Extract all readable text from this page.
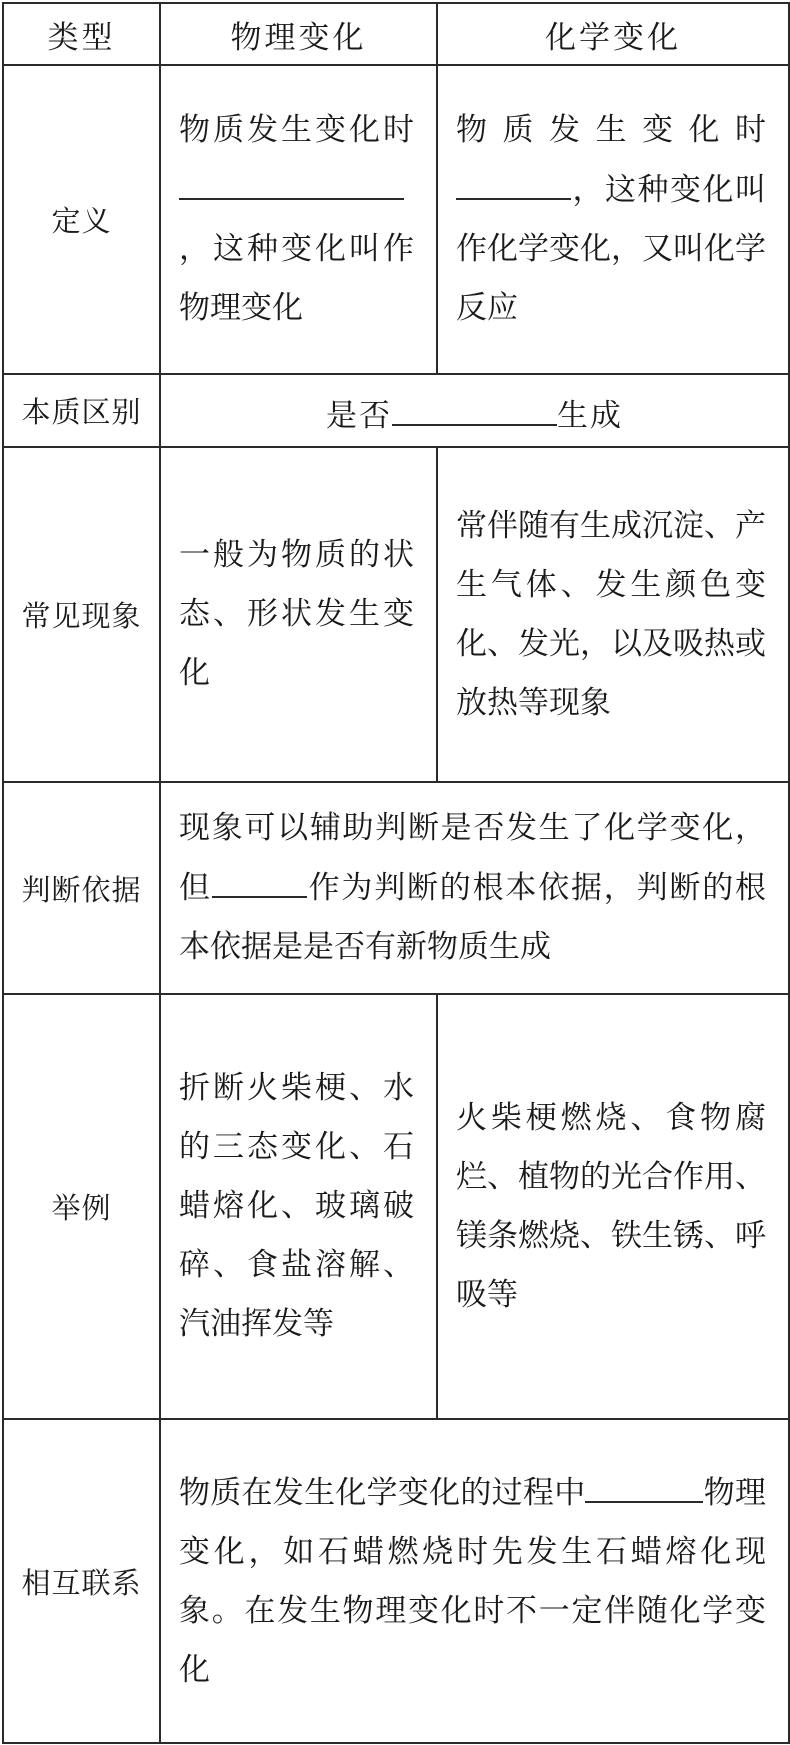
类型	物理变化	化学变化
定义	物质发生变化时，这种变化叫作物理变化	物质发生变化时，这种变化叫作化学变化，又叫化学反应
本质区别	是否 生成	
常见现象	一般为物质的状态、形状发生变化	常伴随有生成沉淀、产生气体、发生颜色变化、发光，以及吸热或放热等现象
判断依据	现象可以辅助判断是否发生了化学变化，但 作为判断的根本依据，判断的根本依据是是否有新物质生成	
举例	折断火柴梗、水的三态变化、石蜡熔化、玻璃破碎、食盐溶解、汽油挥发等	火柴梗燃烧、食物腐烂、植物的光合作用、镁条燃烧、铁生锈、呼吸等
相互联系	物质在发生化学变化的过程中 物理变化，如石蜡燃烧时先发生石蜡熔化现象。在发生物理变化时不一定伴随化学变化	
